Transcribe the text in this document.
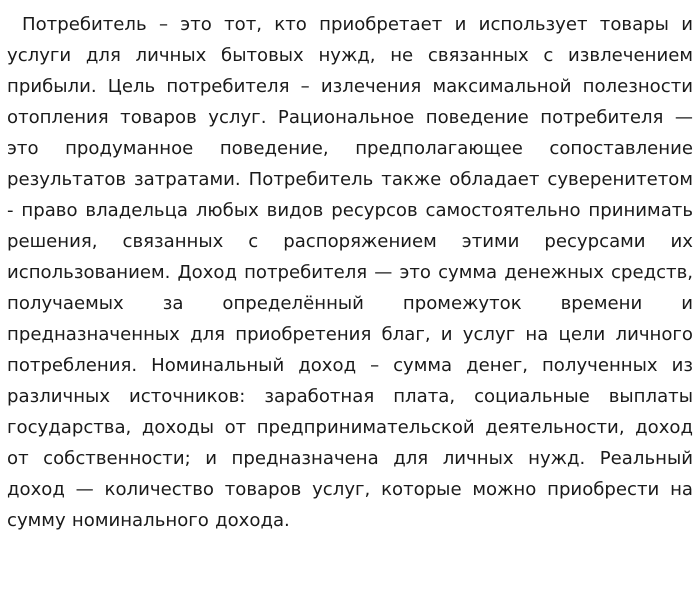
Потребитель – это тот, кто приобретает и использует товары и услуги для личных бытовых нужд, не связанных с извлечением прибыли. Цель потребителя – излечения максимальной полезности отопления товаров услуг. Рациональное поведение потребителя — это продуманное поведение, предполагающее сопоставление результатов затратами. Потребитель также обладает суверенитетом - право владельца любых видов ресурсов самостоятельно принимать решения, связанных с распоряжением этими ресурсами их использованием. Доход потребителя — это сумма денежных средств, получаемых за определённый промежуток времени и предназначенных для приобретения благ, и услуг на цели личного потребления. Номинальный доход – сумма денег, полученных из различных источников: заработная плата, социальные выплаты государства, доходы от предпринимательской деятельности, доход от собственности; и предназначена для личных нужд. Реальный доход — количество товаров услуг, которые можно приобрести на сумму номинального дохода.
